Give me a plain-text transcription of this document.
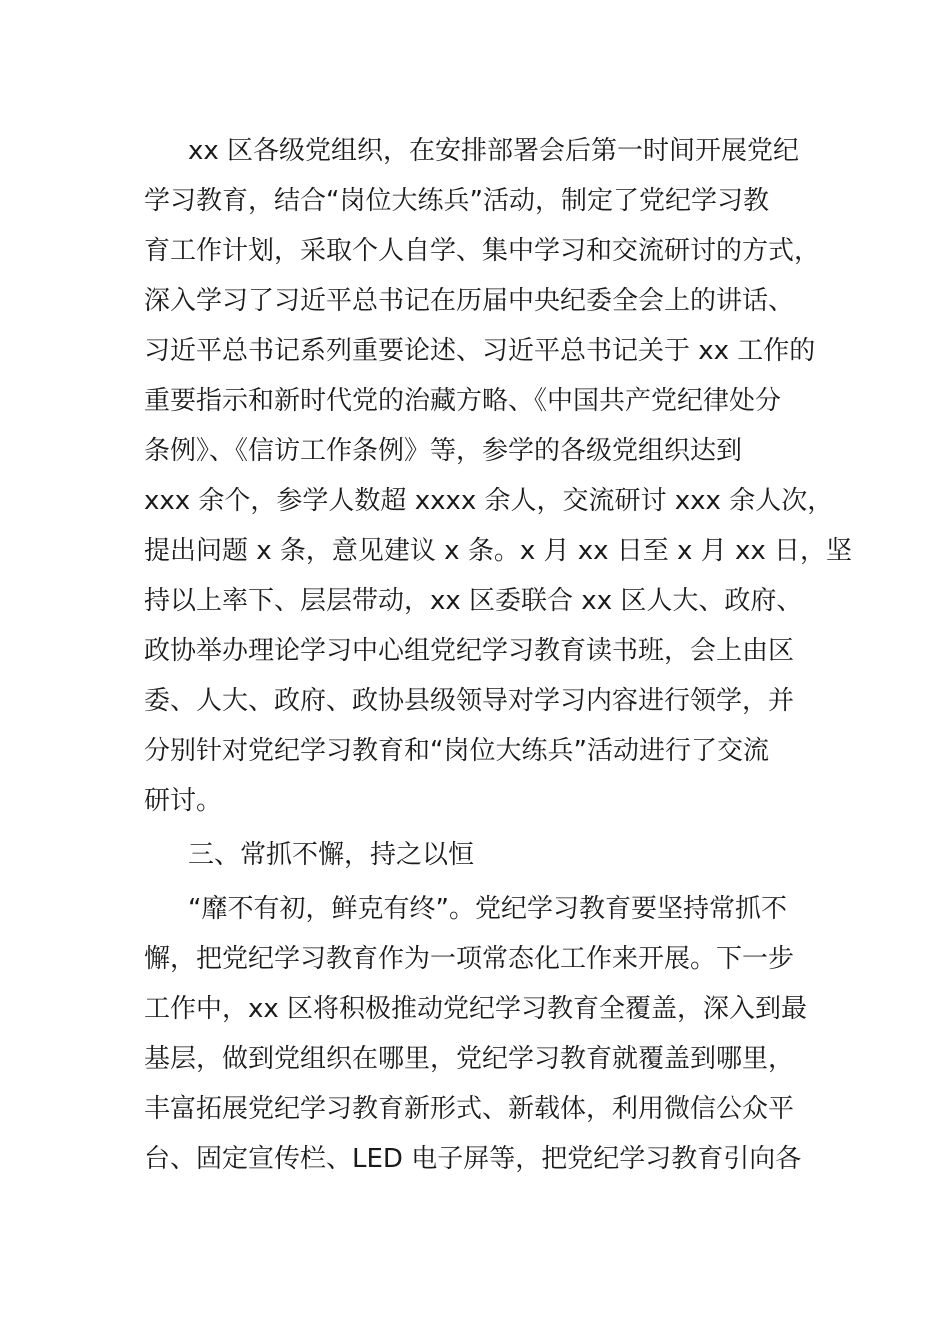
xx 区各级党组织，在安排部署会后第一时间开展党纪
学习教育，结合“岗位大练兵”活动，制定了党纪学习教
育工作计划，采取个人自学、集中学习和交流研讨的方式，
深入学习了习近平总书记在历届中央纪委全会上的讲话、
习近平总书记系列重要论述、习近平总书记关于 xx 工作的
重要指示和新时代党的治藏方略、《中国共产党纪律处分
条例》、《信访工作条例》等，参学的各级党组织达到
xxx 余个，参学人数超 xxxx 余人，交流研讨 xxx 余人次，
提出问题 x 条，意见建议 x 条。x 月 xx 日至 x 月 xx 日，坚
持以上率下、层层带动，xx 区委联合 xx 区人大、政府、
政协举办理论学习中心组党纪学习教育读书班，会上由区
委、人大、政府、政协县级领导对学习内容进行领学，并
分别针对党纪学习教育和“岗位大练兵”活动进行了交流
研讨。
三、常抓不懈，持之以恒
“靡不有初，鲜克有终”。党纪学习教育要坚持常抓不
懈，把党纪学习教育作为一项常态化工作来开展。下一步
工作中，xx 区将积极推动党纪学习教育全覆盖，深入到最
基层，做到党组织在哪里，党纪学习教育就覆盖到哪里，
丰富拓展党纪学习教育新形式、新载体，利用微信公众平
台、固定宣传栏、LED 电子屏等，把党纪学习教育引向各
